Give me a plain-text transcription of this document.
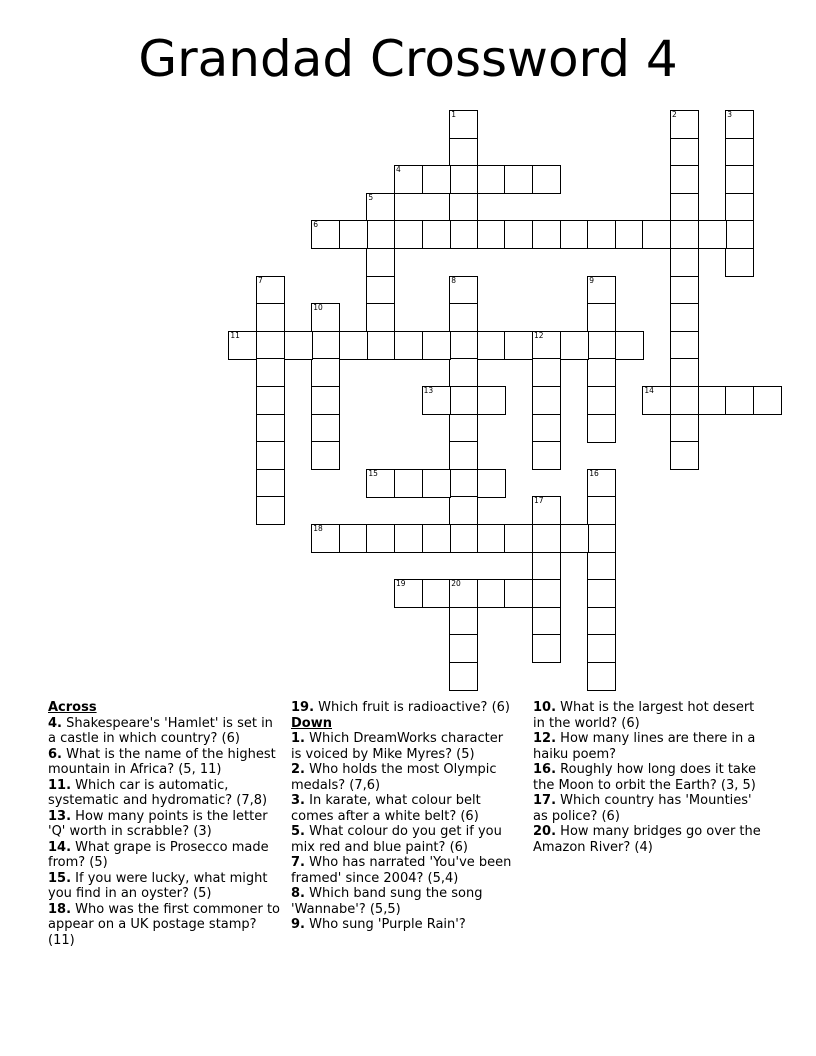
Grandad Crossword 4
1	2	3
4
5
6
7	8	9
10
11	12
13	14
15	16
17
18
19	20
Across

4. Shakespeare's 'Hamlet' is set in a castle in which country? (6)

6. What is the name of the highest mountain in Africa? (5, 11)

11. Which car is automatic, systematic and hydromatic? (7,8)

13. How many points is the letter 'Q' worth in scrabble? (3)

14. What grape is Prosecco made from? (5)

15. If you were lucky, what might you find in an oyster? (5)

18. Who was the first commoner to appear on a UK postage stamp? (11)

19. Which fruit is radioactive? (6)

Down

1. Which DreamWorks character is voiced by Mike Myres? (5)

2. Who holds the most Olympic medals? (7,6)

3. In karate, what colour belt comes after a white belt? (6)

5. What colour do you get if you mix red and blue paint? (6)

7. Who has narrated 'You've been framed' since 2004? (5,4)

8. Which band sung the song 'Wannabe'? (5,5)

9. Who sung 'Purple Rain'?

10. What is the largest hot desert in the world? (6)

12. How many lines are there in a haiku poem?

16. Roughly how long does it take the Moon to orbit the Earth? (3, 5)

17. Which country has 'Mounties' as police? (6)

20. How many bridges go over the Amazon River? (4)
